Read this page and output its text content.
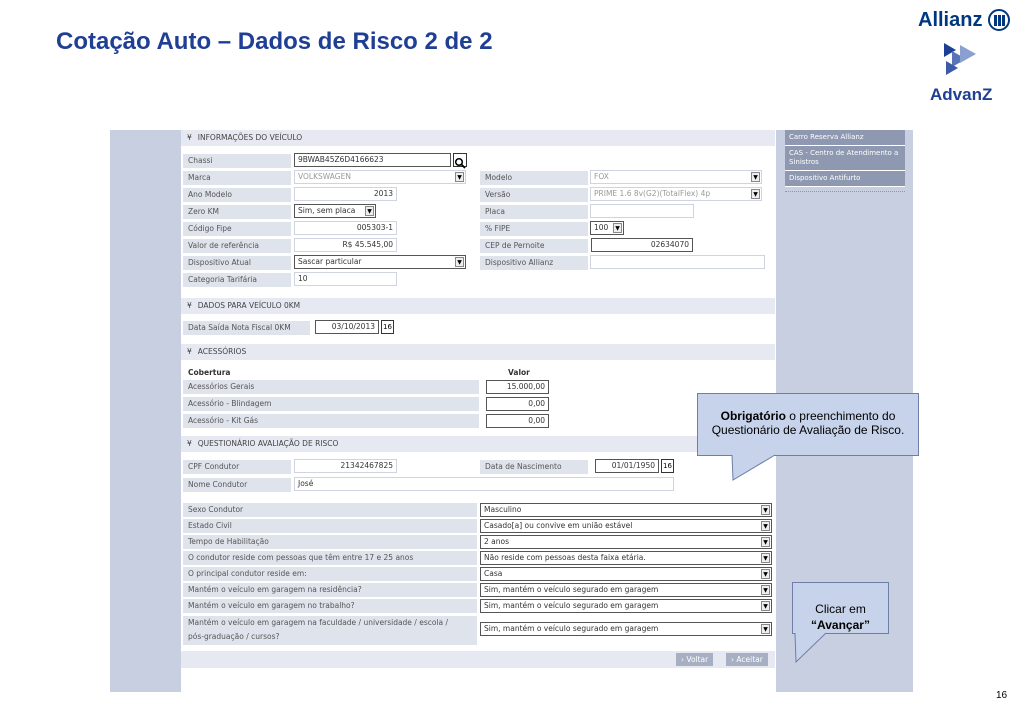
Cotação Auto – Dados de Risco 2 de 2
Allianz
AdvanZ
¥ INFORMAÇÕES DO VEÍCULO
Chassi	9BWAB45Z6D4166623
Marca	VOLKSWAGEN	▼	Modelo	FOX	▼
Ano Modelo	2013	Versão	PRIME 1.6 8v(G2)(TotalFlex) 4p	▼
Zero KM	Sim, sem placa	▼	Placa
Código Fipe	005303-1	% FIPE	100	▼
Valor de referência	R$ 45.545,00	CEP de Pernoite	02634070
Dispositivo Atual	Sascar particular	▼	Dispositivo Allianz
Categoria Tarifária	10
¥ DADOS PARA VEÍCULO 0KM
Data Saída Nota Fiscal 0KM	03/10/2013	16
¥ ACESSÓRIOS
Cobertura	Valor
Acessórios Gerais	15.000,00
Acessório - Blindagem	0,00
Acessório - Kit Gás	0,00
¥ QUESTIONÁRIO AVALIAÇÃO DE RISCO
CPF Condutor	21342467825	Data de Nascimento	01/01/1950	16
Nome Condutor	José
Sexo Condutor	Masculino	▼
Estado Civil	Casado[a] ou convive em união estável	▼
Tempo de Habilitação	2 anos	▼
O condutor reside com pessoas que têm entre 17 e 25 anos	Não reside com pessoas desta faixa etária.	▼
O principal condutor reside em:	Casa	▼
Mantém o veículo em garagem na residência?	Sim, mantém o veículo segurado em garagem	▼
Mantém o veículo em garagem no trabalho?	Sim, mantém o veículo segurado em garagem	▼
Mantém o veículo em garagem na faculdade / universidade / escola /
pós-graduação / cursos?
Sim, mantém o veículo segurado em garagem	▼
› Voltar	› Aceitar
Carro Reserva Allianz
CAS - Centro de Atendimento a Sinistros
Dispositivo Antifurto
Obrigatório o preenchimento do Questionário de Avaliação de Risco.
Clicar em
“Avançar”
16
